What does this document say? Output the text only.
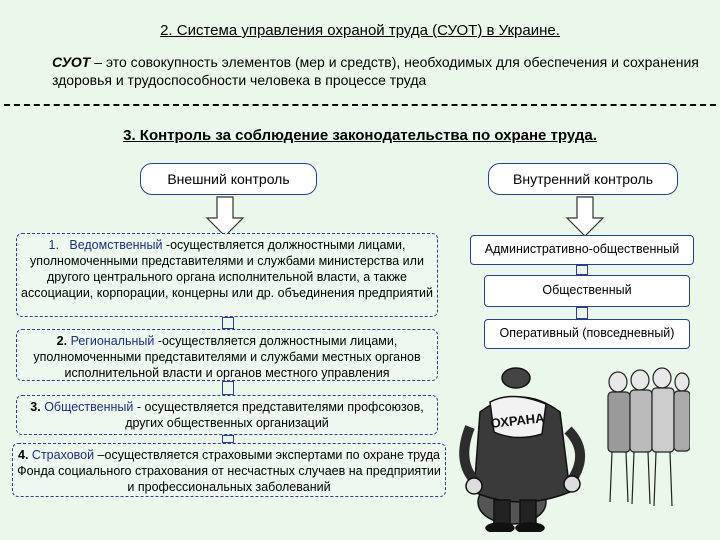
2. Система управления охраной труда (СУОТ) в Украине.
СУОТ – это совокупность элементов (мер и средств), необходимых для обеспечения и сохранения здоровья и трудоспособности человека в процессе труда
3. Контроль за соблюдение законодательства по охране труда.
Внешний контроль	Внутренний контроль
1. Ведомственный -осуществляется должностными лицами, уполномоченными представителями и службами министерства или другого центрального органа исполнительной власти, а также ассоциации, корпорации, концерны или др. объединения предприятий
2. Региональный -осуществляется должностными лицами, уполномоченными представителями и службами местных органов исполнительной власти и органов местного управления
3. Общественный - осуществляется представителями профсоюзов, других общественных организаций
4. Страховой –осуществляется страховыми экспертами по охране труда Фонда социального страхования от несчастных случаев на предприятии и профессиональных заболеваний
Административно-общественный
Общественный
Оперативный (повседневный)
ОХРАНА
